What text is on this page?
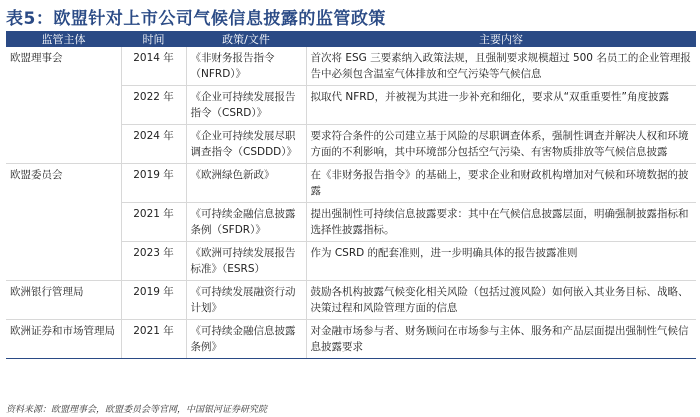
表5：欧盟针对上市公司气候信息披露的监管政策
监管主体	时间	政策/文件	主要内容
欧盟理事会	2014 年	《非财务报告指令（NFRD）》	首次将 ESG 三要素纳入政策法规，且强制要求规模超过 500 名员工的企业管理报告中必须包含温室气体排放和空气污染等气候信息
	2022 年	《企业可持续发展报告指令（CSRD）》	拟取代 NFRD，并被视为其进一步补充和细化，要求从“双重重要性”角度披露
	2024 年	《企业可持续发展尽职调查指令（CSDDD）》	要求符合条件的公司建立基于风险的尽职调查体系，强制性调查并解决人权和环境方面的不利影响，其中环境部分包括空气污染、有害物质排放等气候信息披露
欧盟委员会	2019 年	《欧洲绿色新政》	在《非财务报告指令》的基础上，要求企业和财政机构增加对气候和环境数据的披露
	2021 年	《可持续金融信息披露条例（SFDR）》	提出强制性可持续信息披露要求：其中在气候信息披露层面，明确强制披露指标和选择性披露指标。
	2023 年	《欧洲可持续发展报告标准》（ESRS）	作为 CSRD 的配套准则，进一步明确具体的报告披露准则
欧洲银行管理局	2019 年	《可持续发展融资行动计划》	鼓励各机构披露气候变化相关风险（包括过渡风险）如何嵌入其业务目标、战略、决策过程和风险管理方面的信息
欧洲证券和市场管理局	2021 年	《可持续金融信息披露条例》	对金融市场参与者、财务顾问在市场参与主体、服务和产品层面提出强制性气候信息披露要求
资料来源：欧盟理事会，欧盟委员会等官网，中国银河证券研究院
